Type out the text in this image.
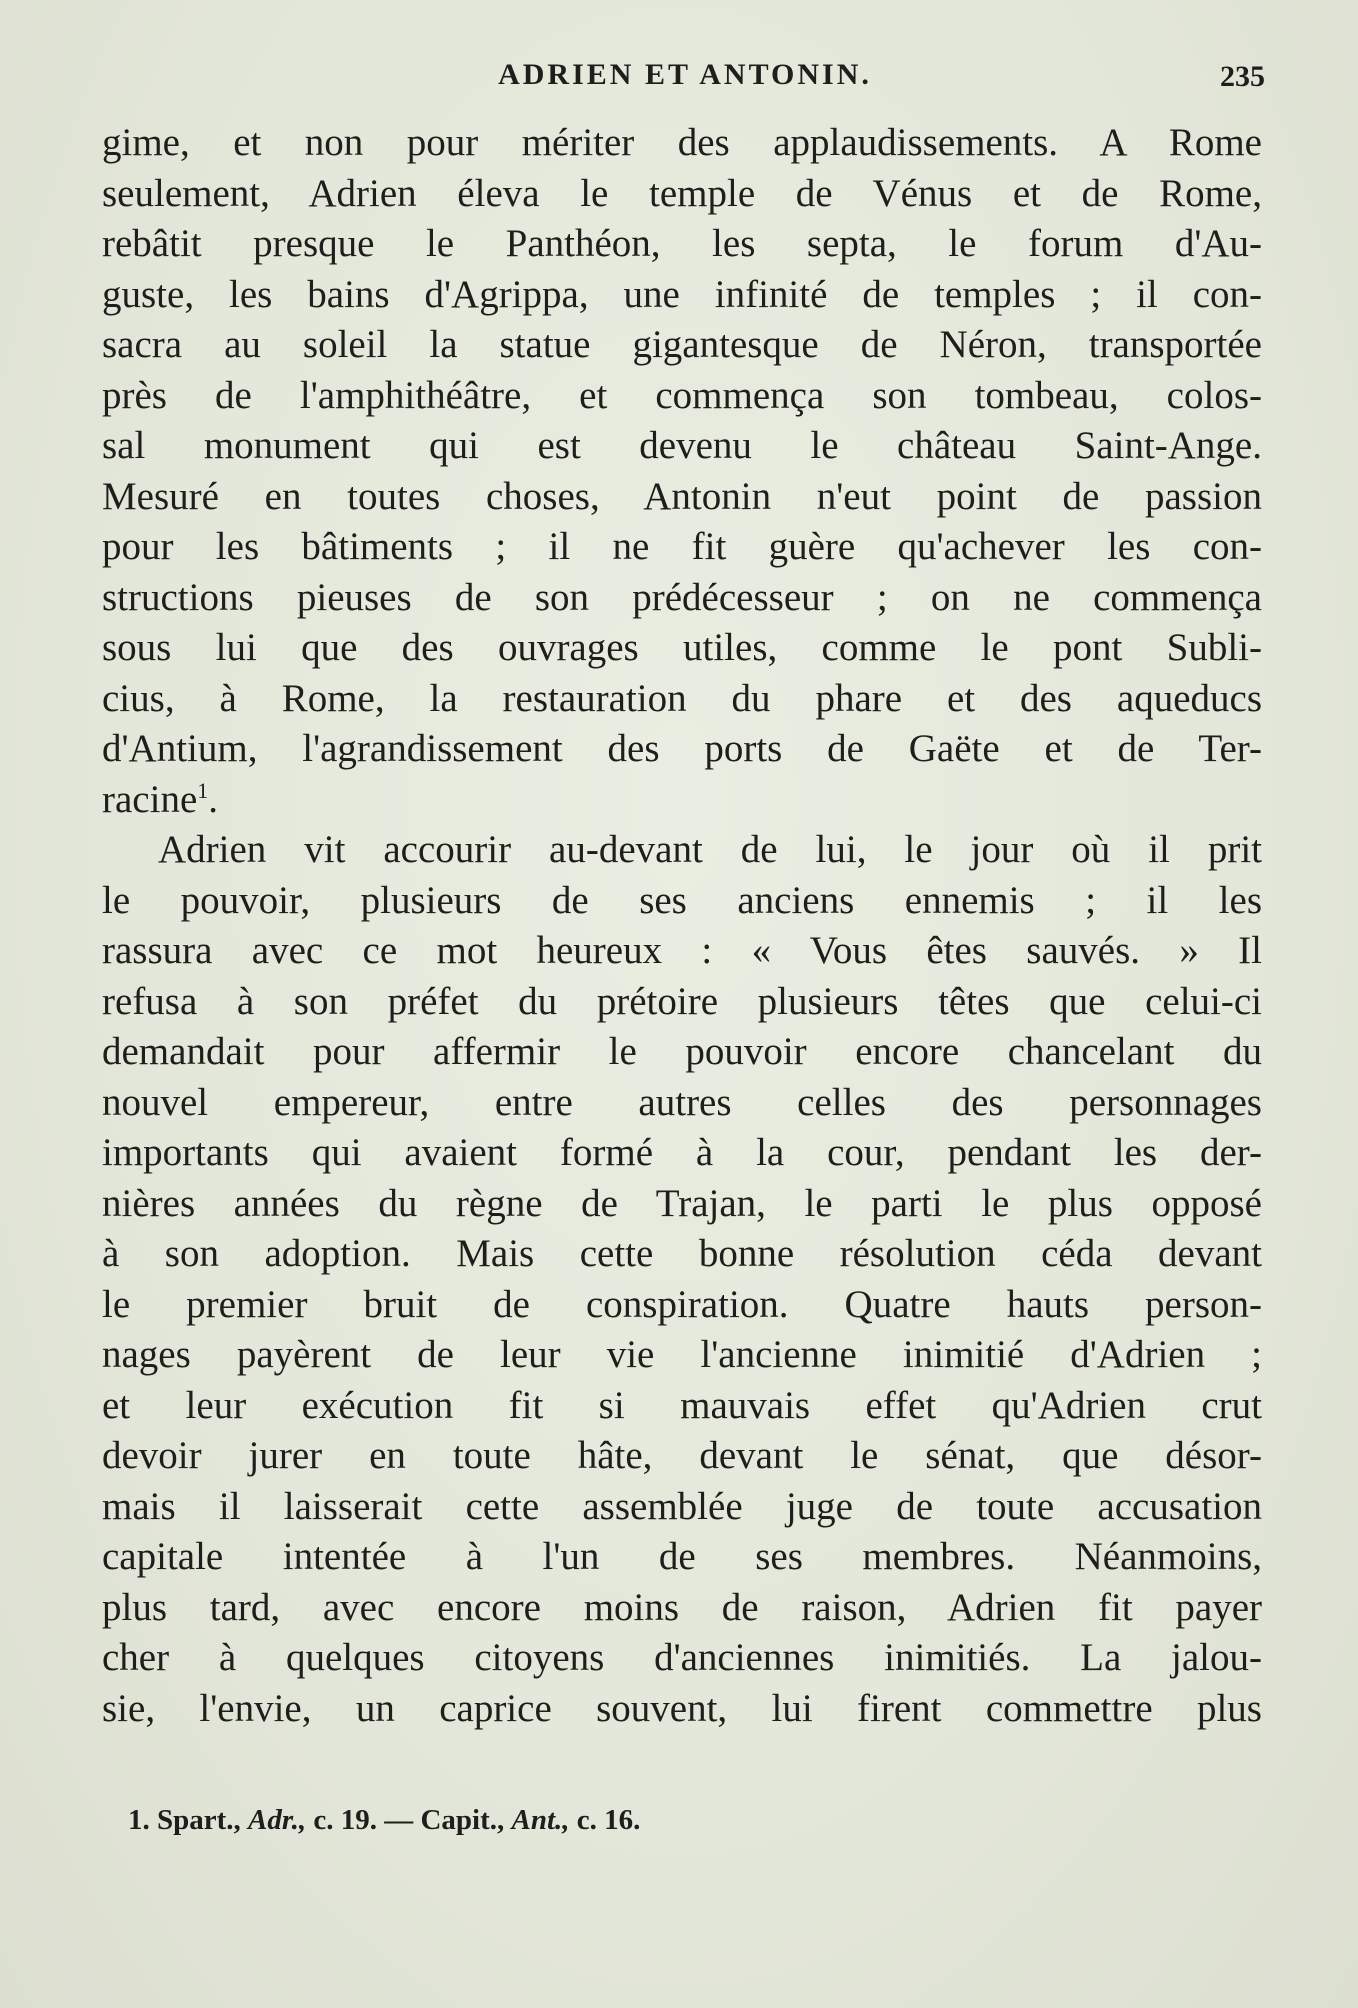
ADRIEN ET ANTONIN.	235
gime, et non pour mériter des applaudissements. A Rome
seulement, Adrien éleva le temple de Vénus et de Rome,
rebâtit presque le Panthéon, les septa, le forum d'Au-
guste, les bains d'Agrippa, une infinité de temples ; il con-
sacra au soleil la statue gigantesque de Néron, transportée
près de l'amphithéâtre, et commença son tombeau, colos-
sal monument qui est devenu le château Saint-Ange.
Mesuré en toutes choses, Antonin n'eut point de passion
pour les bâtiments ; il ne fit guère qu'achever les con-
structions pieuses de son prédécesseur ; on ne commença
sous lui que des ouvrages utiles, comme le pont Subli-
cius, à Rome, la restauration du phare et des aqueducs
d'Antium, l'agrandissement des ports de Gaëte et de Ter-
racine$^1$.
Adrien vit accourir au-devant de lui, le jour où il prit
le pouvoir, plusieurs de ses anciens ennemis ; il les
rassura avec ce mot heureux : « Vous êtes sauvés. » Il
refusa à son préfet du prétoire plusieurs têtes que celui-ci
demandait pour affermir le pouvoir encore chancelant du
nouvel empereur, entre autres celles des personnages
importants qui avaient formé à la cour, pendant les der-
nières années du règne de Trajan, le parti le plus opposé
à son adoption. Mais cette bonne résolution céda devant
le premier bruit de conspiration. Quatre hauts person-
nages payèrent de leur vie l'ancienne inimitié d'Adrien ;
et leur exécution fit si mauvais effet qu'Adrien crut
devoir jurer en toute hâte, devant le sénat, que désor-
mais il laisserait cette assemblée juge de toute accusation
capitale intentée à l'un de ses membres. Néanmoins,
plus tard, avec encore moins de raison, Adrien fit payer
cher à quelques citoyens d'anciennes inimitiés. La jalou-
sie, l'envie, un caprice souvent, lui firent commettre plus
1. Spart., Adr., c. 19. — Capit., Ant., c. 16.
